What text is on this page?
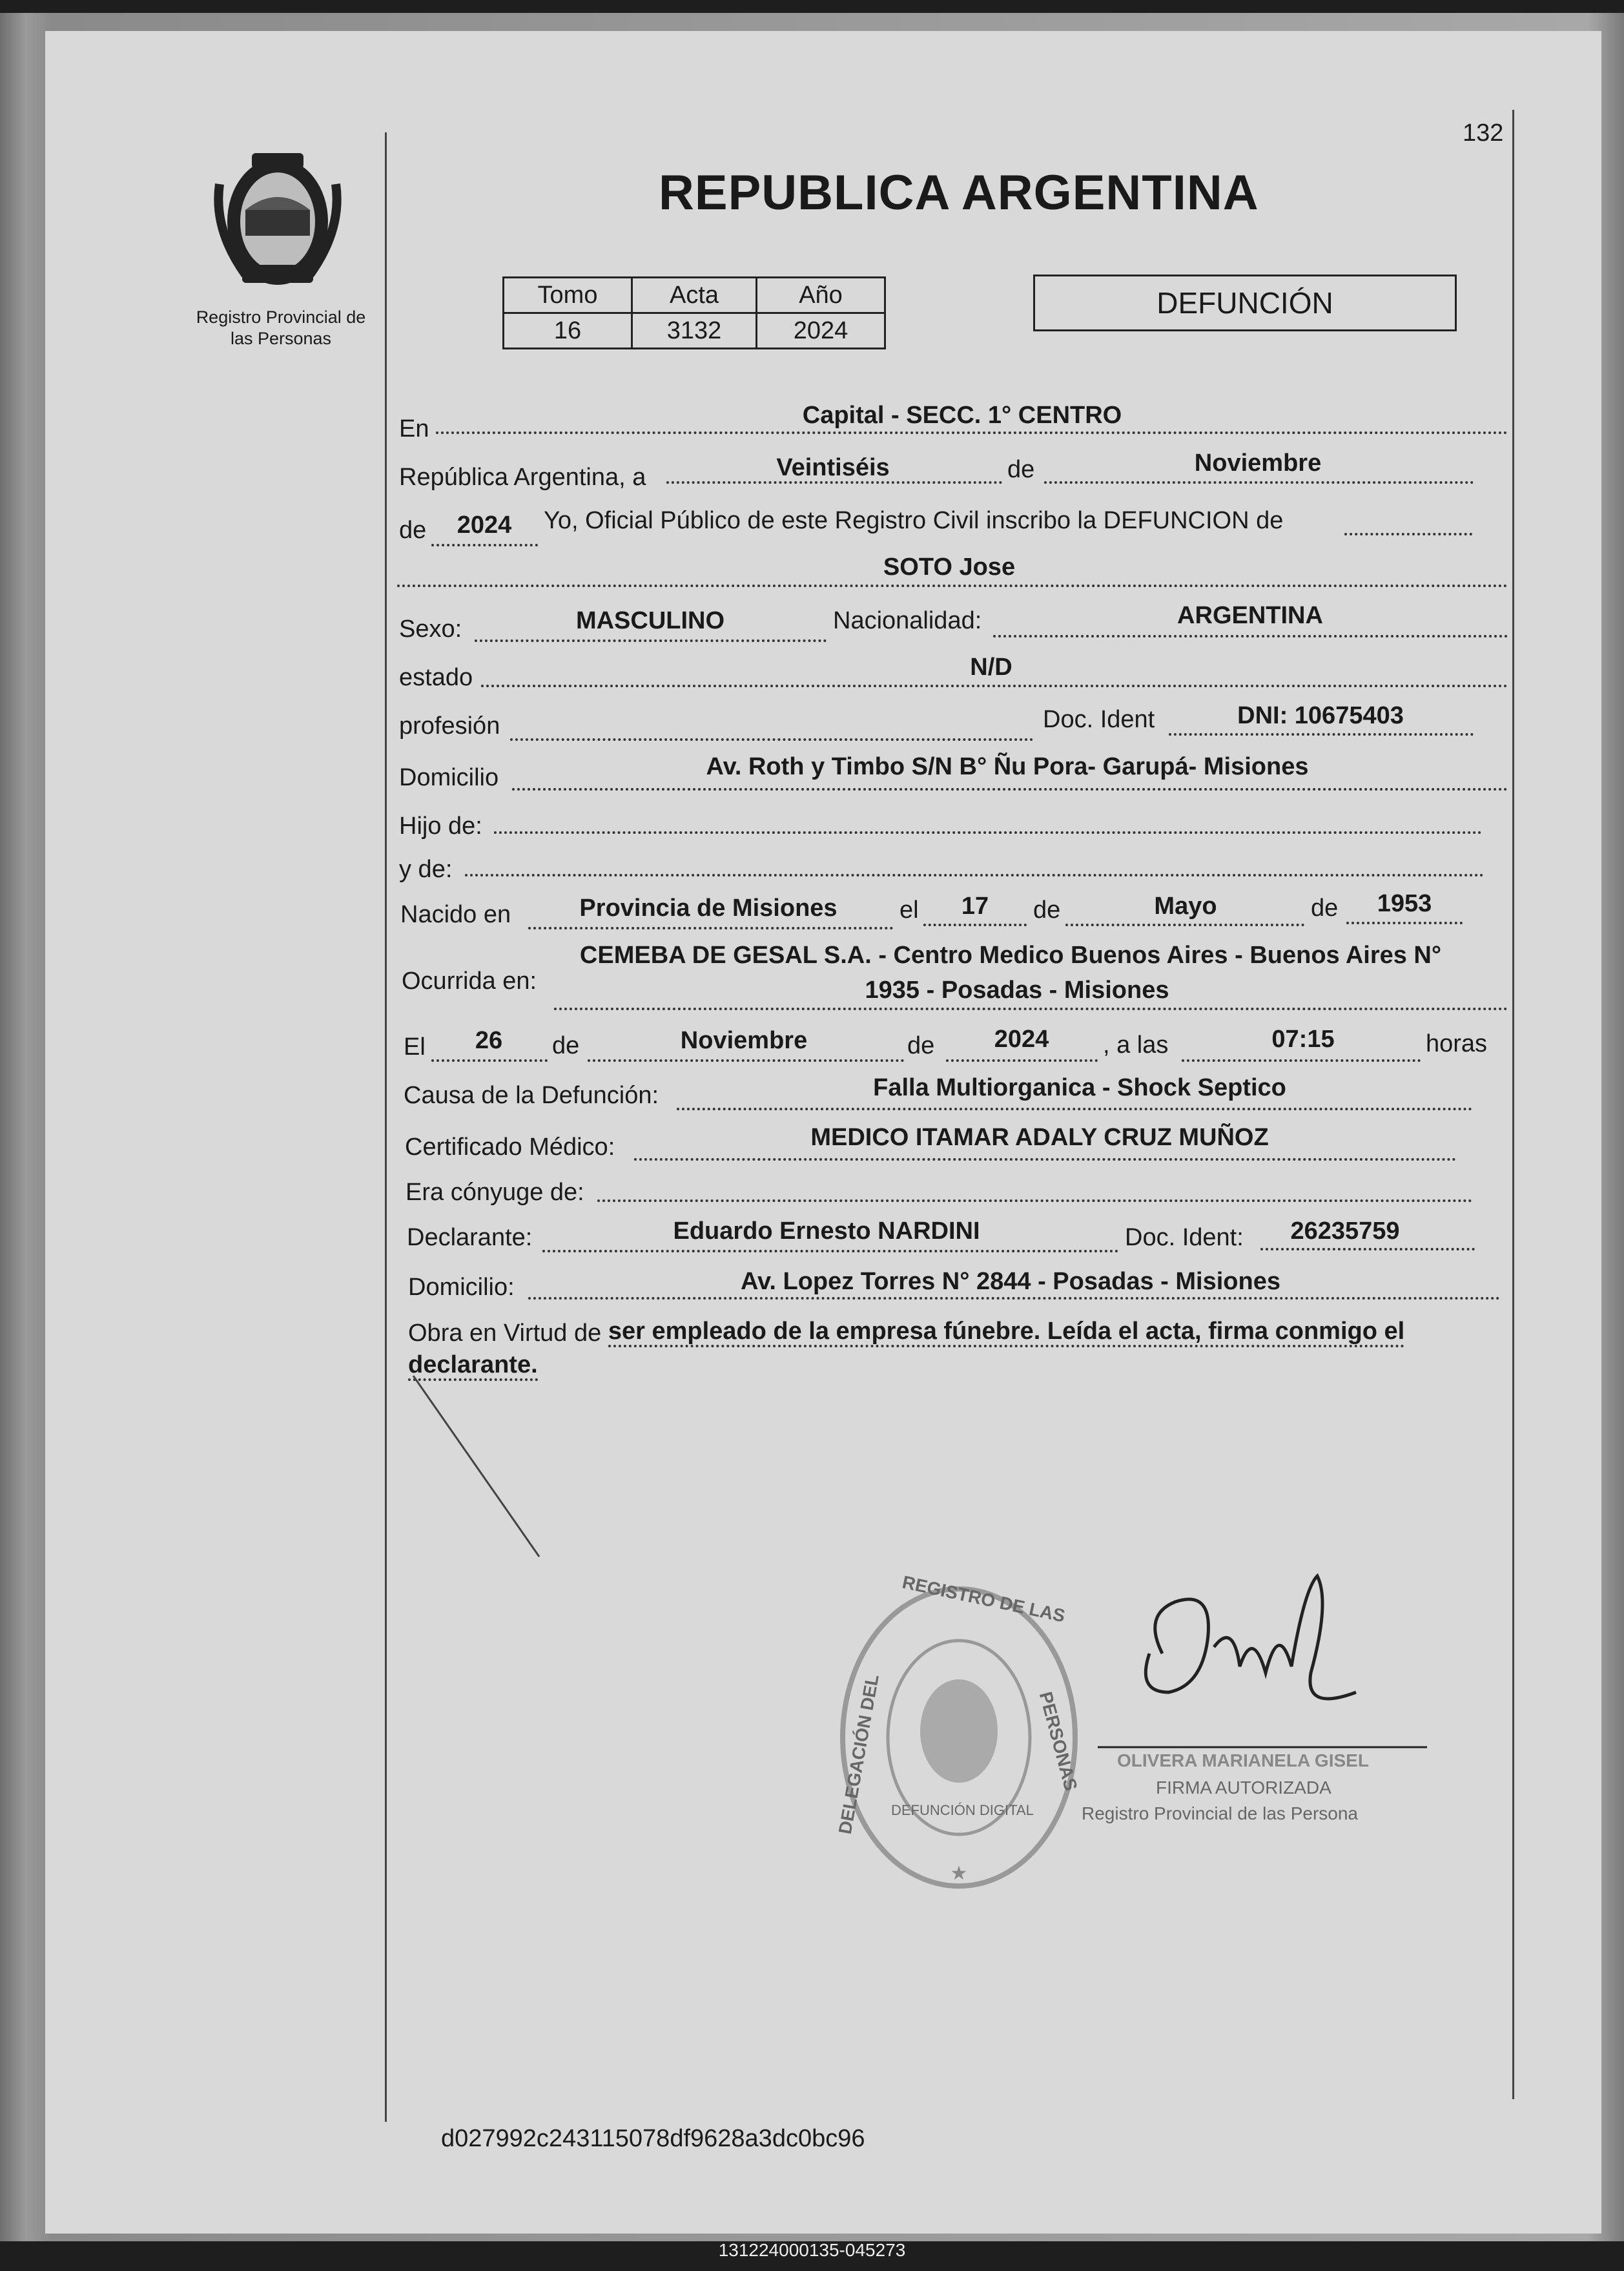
132
Registro Provincial de
las Personas
REPUBLICA ARGENTINA
Tomo	Acta	Año
16	3132	2024
DEFUNCIÓN
En	Capital - SECC. 1° CENTRO
República Argentina, a	Veintiséis	de	Noviembre
de 2024 Yo, Oficial Público de este Registro Civil inscribo la DEFUNCION de
SOTO Jose
Sexo:	MASCULINO	Nacionalidad:	ARGENTINA
estado	N/D
profesión	Doc. Ident	DNI: 10675403
Domicilio	Av. Roth y Timbo S/N B° Ñu Pora- Garupá- Misiones
Hijo de:
y de:
Nacido en	Provincia de Misiones	el 17 de	Mayo	de 1953
Ocurrida en:
CEMEBA DE GESAL S.A. - Centro Medico Buenos Aires - Buenos Aires N°
1935 - Posadas - Misiones
El 26 de	Noviembre	de 2024 , a las	07:15	horas
Causa de la Defunción:	Falla Multiorganica - Shock Septico
Certificado Médico:	MEDICO ITAMAR ADALY CRUZ MUÑOZ
Era cónyuge de:
Declarante:	Eduardo Ernesto NARDINI	Doc. Ident: 26235759
Domicilio:	Av. Lopez Torres N° 2844 - Posadas - Misiones
Obra en Virtud de ser empleado de la empresa fúnebre. Leída el acta, firma conmigo el
declarante.
★
REGISTRO DE LAS
PERSONAS
DELEGACIÓN DEL DEFUNCIÓN DIGITAL
OLIVERA MARIANELA GISEL
FIRMA AUTORIZADA
Registro Provincial de las Persona
d027992c243115078df9628a3dc0bc96
131224000135-045273
